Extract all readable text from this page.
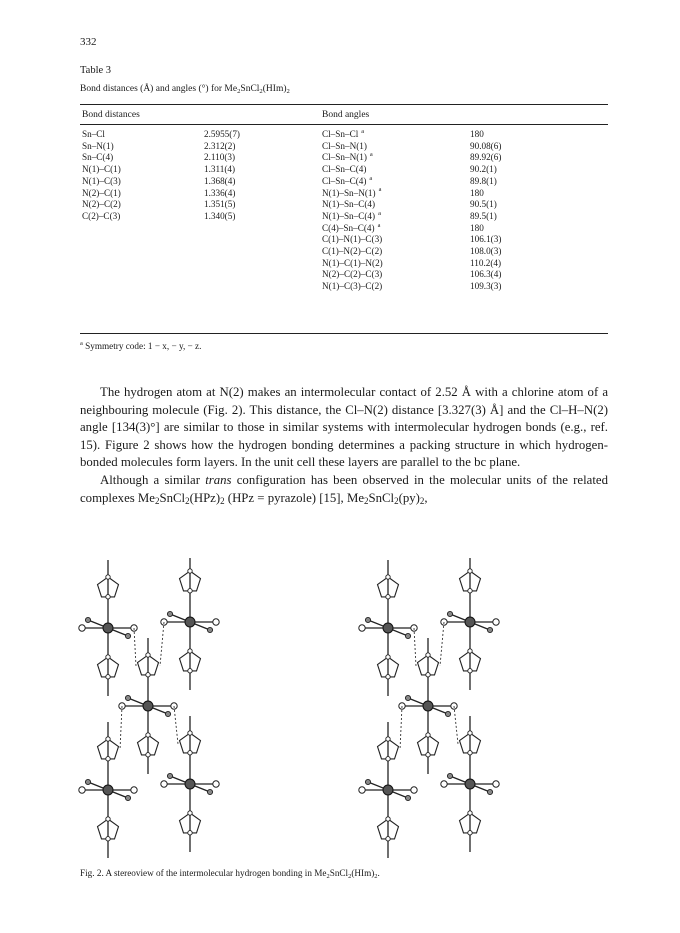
332
Table 3
Bond distances (Å) and angles (°) for $Me_2SnCl_2(HIm)_2$
Bond distances	Bond angles
Sn–Cl	2.5955(7)
Sn–N(1)	2.312(2)
Sn–C(4)	2.110(3)
N(1)–C(1)	1.311(4)
N(1)–C(3)	1.368(4)
N(2)–C(1)	1.336(4)
N(2)–C(2)	1.351(5)
C(2)–C(3)	1.340(5)
Cl–Sn–Cl $^a$	180
Cl–Sn–N(1)	90.08(6)
Cl–Sn–N(1) $^a$	89.92(6)
Cl–Sn–C(4)	90.2(1)
Cl–Sn–C(4) $^a$	89.8(1)
N(1)–Sn–N(1) $^a$	180
N(1)–Sn–C(4)	90.5(1)
N(1)–Sn–C(4) $^a$	89.5(1)
C(4)–Sn–C(4) $^a$	180
C(1)–N(1)–C(3)	106.1(3)
C(1)–N(2)–C(2)	108.0(3)
N(1)–C(1)–N(2)	110.2(4)
N(2)–C(2)–C(3)	106.3(4)
N(1)–C(3)–C(2)	109.3(3)
$^a$ Symmetry code: 1 − x, − y, − z.

The hydrogen atom at N(2) makes an intermolecular contact of 2.52 Å with a chlorine atom of a neighbouring molecule (Fig. 2). This distance, the Cl–N(2) distance [3.327(3) Å] and the Cl–H–N(2) angle [134(3)°] are similar to those in similar systems with intermolecular hydrogen bonds (e.g., ref. 15). Figure 2 shows how the hydrogen bonding determines a packing structure in which hydrogen-bonded molecules form layers. In the unit cell these layers are parallel to the bc plane.

Although a similar trans configuration has been observed in the molecular units of the related complexes $Me_2SnCl_2(HPz)_2$ (HPz = pyrazole) [15], $Me_2SnCl_2(py)_2$,

Fig. 2. A stereoview of the intermolecular hydrogen bonding in $Me_2SnCl_2(HIm)_2$.
